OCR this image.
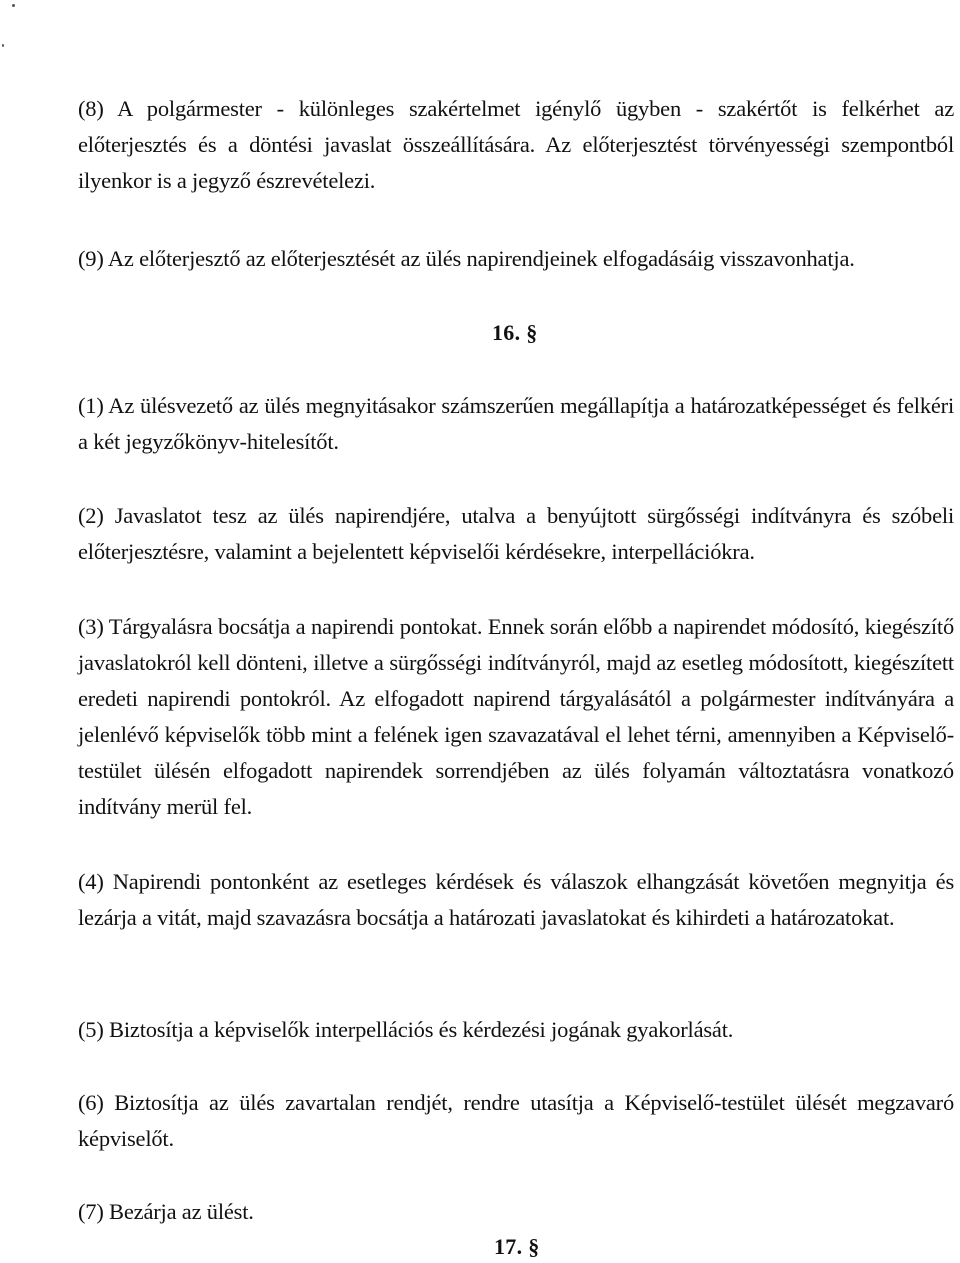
(8) A polgármester - különleges szakértelmet igénylő ügyben - szakértőt is felkérhet az előterjesztés és a döntési javaslat összeállítására. Az előterjesztést törvényességi szempontból ilyenkor is a jegyző észrevételezi.
(9) Az előterjesztő az előterjesztését az ülés napirendjeinek elfogadásáig visszavonhatja.
16. §
(1) Az ülésvezető az ülés megnyitásakor számszerűen megállapítja a határozatképességet és felkéri a két jegyzőkönyv-hitelesítőt.
(2) Javaslatot tesz az ülés napirendjére, utalva a benyújtott sürgősségi indítványra és szóbeli előterjesztésre, valamint a bejelentett képviselői kérdésekre, interpellációkra.
(3) Tárgyalásra bocsátja a napirendi pontokat. Ennek során előbb a napirendet módosító, kiegészítő javaslatokról kell dönteni, illetve a sürgősségi indítványról, majd az esetleg módosított, kiegészített eredeti napirendi pontokról. Az elfogadott napirend tárgyalásától a polgármester indítványára a jelenlévő képviselők több mint a felének igen szavazatával el lehet térni, amennyiben a Képviselő-testület ülésén elfogadott napirendek sorrendjében az ülés folyamán változtatásra vonatkozó indítvány merül fel.
(4) Napirendi pontonként az esetleges kérdések és válaszok elhangzását követően megnyitja és lezárja a vitát, majd szavazásra bocsátja a határozati javaslatokat és kihirdeti a határozatokat.
(5) Biztosítja a képviselők interpellációs és kérdezési jogának gyakorlását.
(6) Biztosítja az ülés zavartalan rendjét, rendre utasítja a Képviselő-testület ülését megzavaró képviselőt.
(7) Bezárja az ülést.
17. §
